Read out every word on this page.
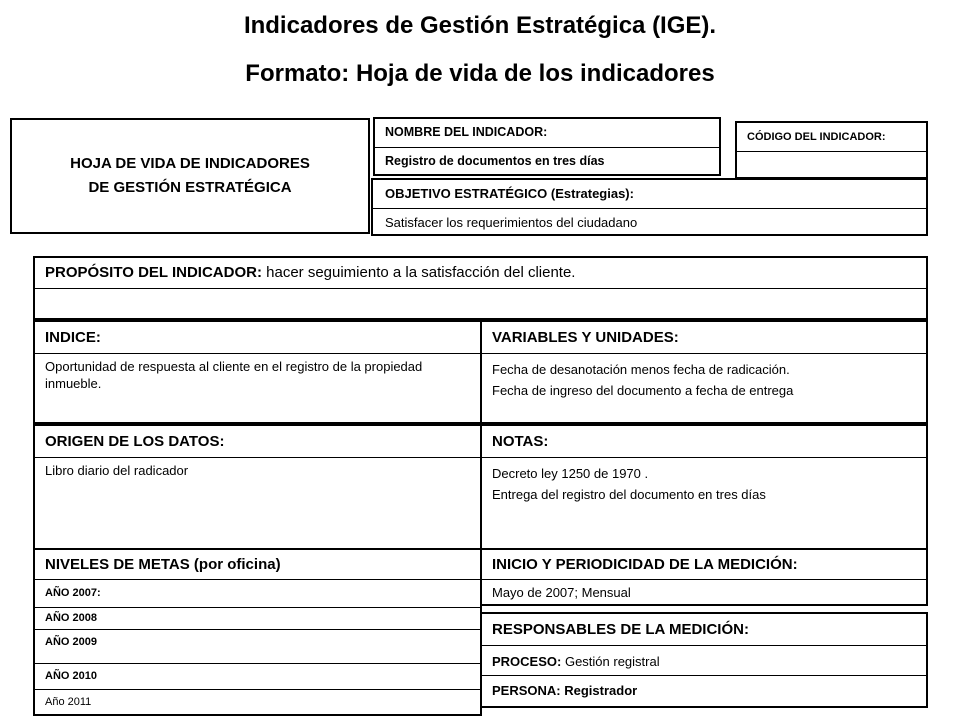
Indicadores de Gestión Estratégica (IGE).
Formato: Hoja de vida de los indicadores
HOJA DE VIDA DE INDICADORES
DE GESTIÓN ESTRATÉGICA
NOMBRE DEL INDICADOR:
Registro de documentos en tres días
CÓDIGO DEL INDICADOR:
OBJETIVO ESTRATÉGICO (Estrategias):
Satisfacer los requerimientos del ciudadano
PROPÓSITO DEL INDICADOR: hacer seguimiento a la satisfacción del cliente.
INDICE:
Oportunidad de respuesta al cliente en el registro de la propiedad inmueble.
VARIABLES Y UNIDADES:
Fecha de desanotación menos fecha de radicación.
Fecha de ingreso del documento a fecha de entrega
ORIGEN DE LOS DATOS:
Libro diario del radicador
NOTAS:
Decreto ley 1250 de 1970 .
Entrega del registro del documento en tres días
NIVELES DE METAS (por oficina)
AÑO 2007:
AÑO 2008
AÑO 2009
AÑO 2010
Año 2011
INICIO Y PERIODICIDAD DE LA MEDICIÓN:
Mayo de 2007; Mensual
RESPONSABLES DE LA MEDICIÓN:
PROCESO: Gestión registral
PERSONA: Registrador
